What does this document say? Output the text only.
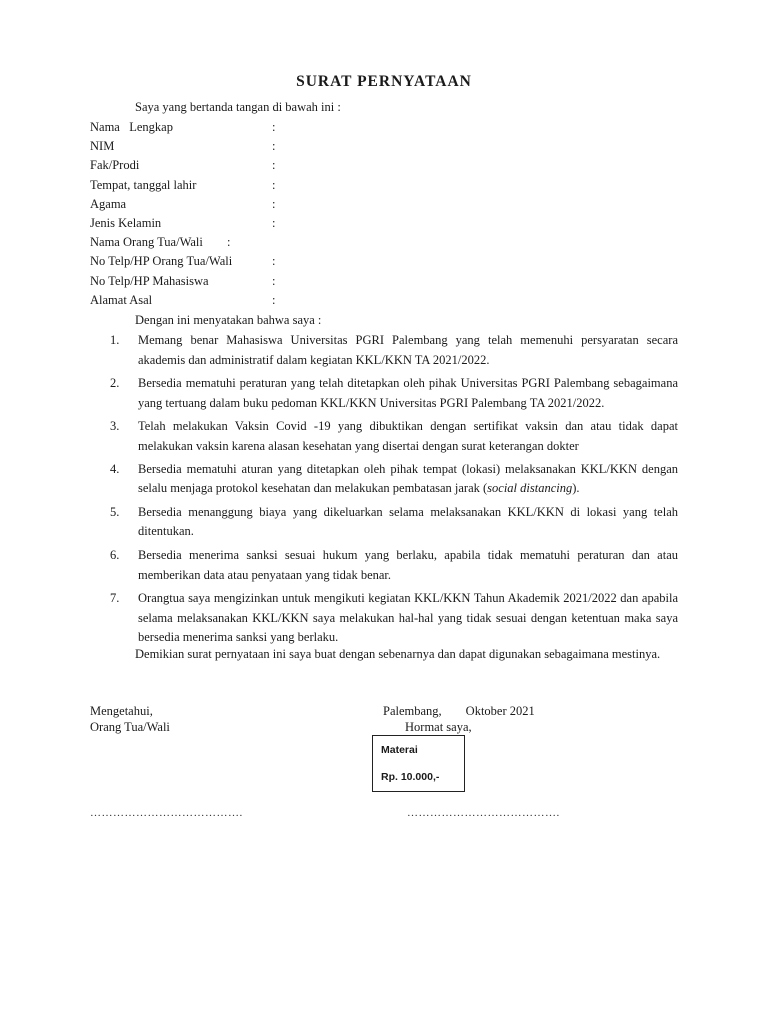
SURAT PERNYATAAN
Saya yang bertanda tangan di bawah ini :
Nama   Lengkap	:
NIM	:
Fak/Prodi	:
Tempat, tanggal lahir	:
Agama	:
Jenis Kelamin	:
Nama Orang Tua/Wali :
No Telp/HP Orang Tua/Wali	:
No Telp/HP Mahasiswa	:
Alamat Asal	:
Dengan ini menyatakan bahwa saya :
1. Memang benar Mahasiswa Universitas PGRI Palembang yang telah memenuhi persyaratan secara akademis dan administratif dalam kegiatan KKL/KKN TA 2021/2022.
2. Bersedia mematuhi peraturan yang telah ditetapkan oleh pihak Universitas PGRI Palembang sebagaimana yang tertuang dalam buku pedoman KKL/KKN Universitas PGRI Palembang TA 2021/2022.
3. Telah melakukan Vaksin Covid -19 yang dibuktikan dengan sertifikat vaksin dan atau tidak dapat melakukan vaksin karena alasan kesehatan yang disertai dengan surat keterangan dokter
4. Bersedia mematuhi aturan yang ditetapkan oleh pihak tempat (lokasi) melaksanakan KKL/KKN dengan selalu menjaga protokol kesehatan dan melakukan pembatasan jarak (social distancing).
5. Bersedia menanggung biaya yang dikeluarkan selama melaksanakan KKL/KKN di lokasi yang telah ditentukan.
6. Bersedia menerima sanksi sesuai hukum yang berlaku, apabila tidak mematuhi peraturan dan atau memberikan data atau penyataan yang tidak benar.
7. Orangtua saya mengizinkan untuk mengikuti kegiatan KKL/KKN Tahun Akademik 2021/2022 dan apabila selama melaksanakan KKL/KKN saya melakukan hal-hal yang tidak sesuai dengan ketentuan maka saya bersedia menerima sanksi yang berlaku.
Demikian surat pernyataan ini saya buat dengan sebenarnya dan dapat digunakan sebagaimana mestinya.
Mengetahui,
Orang Tua/Wali
Palembang, Oktober 2021
Hormat saya,
Materai
Rp. 10.000,-
………………………………….	………………………………….
